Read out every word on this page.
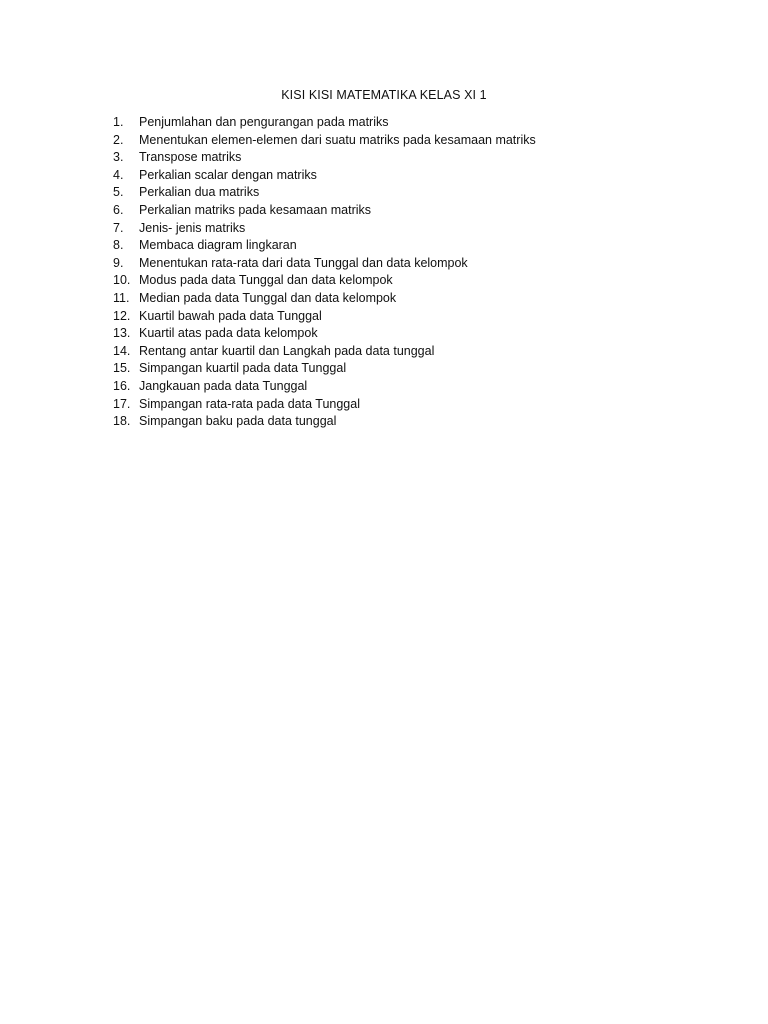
KISI KISI MATEMATIKA KELAS XI 1
1.	Penjumlahan dan pengurangan pada matriks
2.	Menentukan elemen-elemen dari suatu matriks pada kesamaan matriks
3.	Transpose matriks
4.	Perkalian scalar dengan matriks
5.	Perkalian dua matriks
6.	Perkalian matriks pada kesamaan matriks
7.	Jenis- jenis matriks
8.	Membaca diagram lingkaran
9.	Menentukan rata-rata dari data Tunggal dan data kelompok
10. Modus pada data Tunggal dan data kelompok
11. Median pada data Tunggal dan data kelompok
12. Kuartil bawah pada data Tunggal
13. Kuartil atas pada data kelompok
14. Rentang antar kuartil dan Langkah pada data tunggal
15. Simpangan kuartil pada data Tunggal
16. Jangkauan pada data Tunggal
17. Simpangan rata-rata pada data Tunggal
18. Simpangan baku pada data tunggal
